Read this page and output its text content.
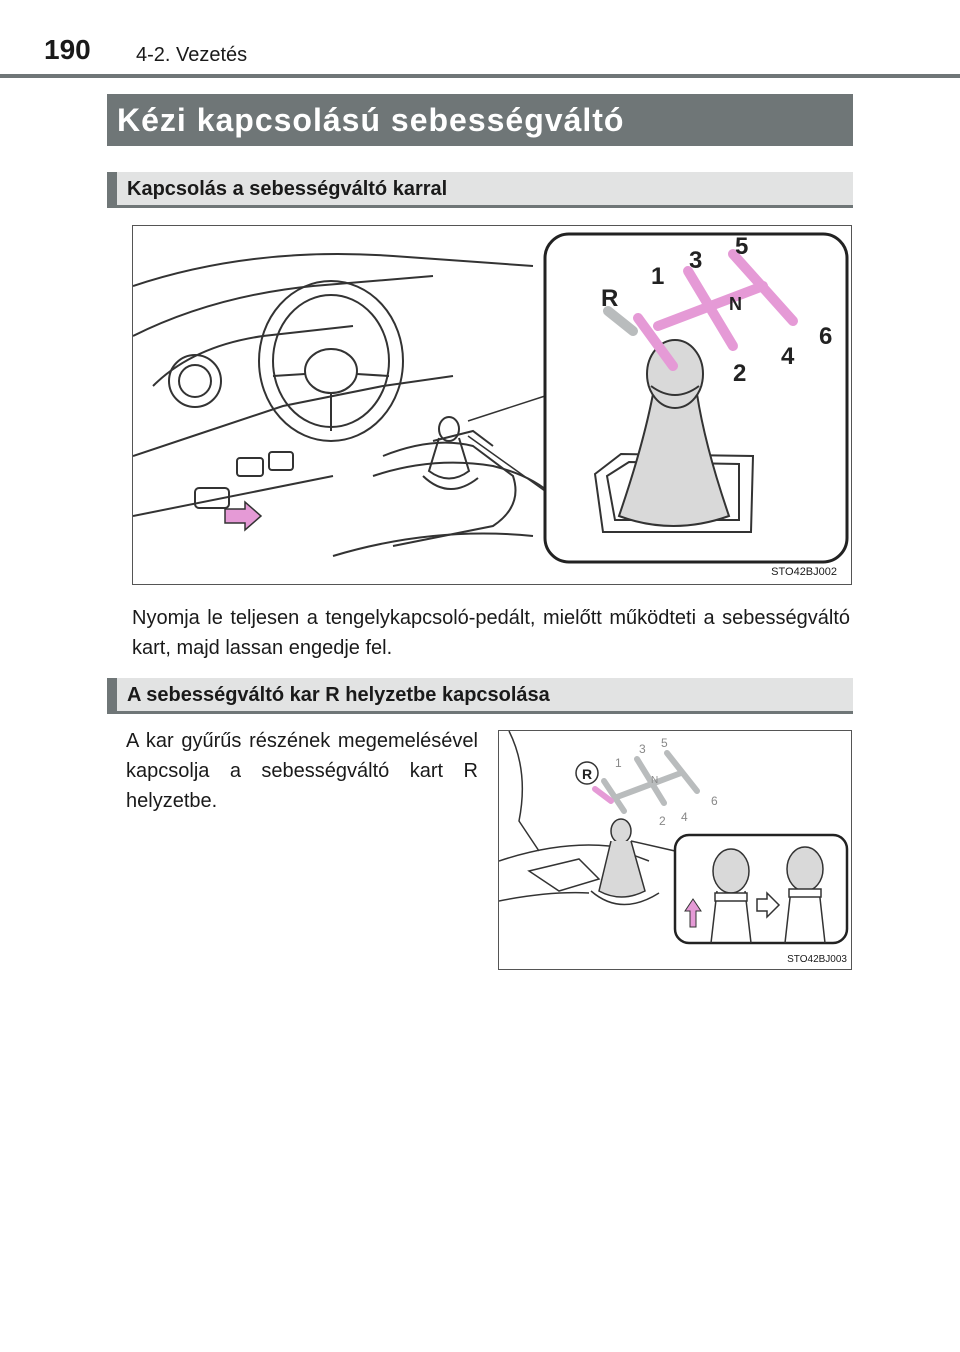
190 4-2. Vezetés
Kézi kapcsolású sebességváltó
Kapcsolás a sebességváltó karral
R
1
2
3
4
5
6
N
STO42BJ002
Nyomja le teljesen a tengelykapcsoló-pedált, mielőtt működteti a sebességváltó kart, majd lassan engedje fel.
A sebességváltó kar R helyzetbe kapcsolása
A kar gyűrűs részének megemelésével kapcsolja a sebességváltó kart R helyzetbe.
R
1
2
3
4
5
6
N
STO42BJ003
